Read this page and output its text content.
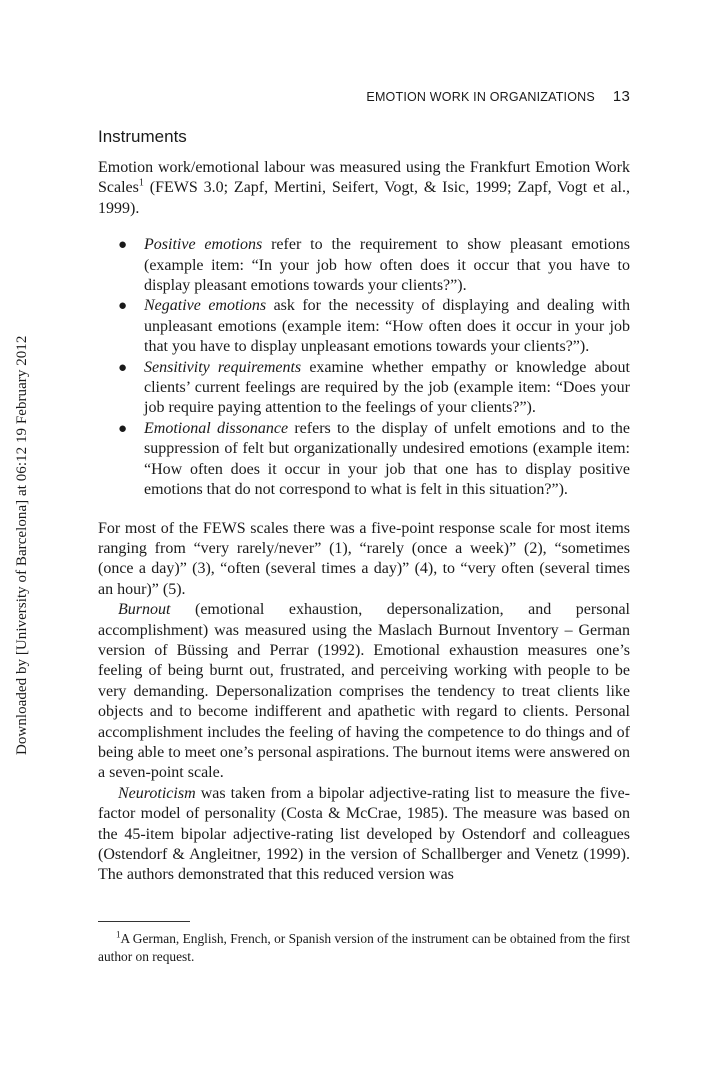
Downloaded by [University of Barcelona] at 06:12 19 February 2012
EMOTION WORK IN ORGANIZATIONS 13
Instruments

Emotion work/emotional labour was measured using the Frankfurt Emotion Work Scales$^1$ (FEWS 3.0; Zapf, Mertini, Seifert, Vogt, & Isic, 1999; Zapf, Vogt et al., 1999).

● Positive emotions refer to the requirement to show pleasant emotions (example item: “In your job how often does it occur that you have to display pleasant emotions towards your clients?”).
● Negative emotions ask for the necessity of displaying and dealing with unpleasant emotions (example item: “How often does it occur in your job that you have to display unpleasant emotions towards your clients?”).
● Sensitivity requirements examine whether empathy or knowledge about clients’ current feelings are required by the job (example item: “Does your job require paying attention to the feelings of your clients?”).
● Emotional dissonance refers to the display of unfelt emotions and to the suppression of felt but organizationally undesired emotions (example item: “How often does it occur in your job that one has to display positive emotions that do not correspond to what is felt in this situation?”).

For most of the FEWS scales there was a five-point response scale for most items ranging from “very rarely/never” (1), “rarely (once a week)” (2), “sometimes (once a day)” (3), “often (several times a day)” (4), to “very often (several times an hour)” (5).

Burnout (emotional exhaustion, depersonalization, and personal accomplishment) was measured using the Maslach Burnout Inventory – German version of Büssing and Perrar (1992). Emotional exhaustion measures one’s feeling of being burnt out, frustrated, and perceiving working with people to be very demanding. Depersonalization comprises the tendency to treat clients like objects and to become indifferent and apathetic with regard to clients. Personal accomplishment includes the feeling of having the competence to do things and of being able to meet one’s personal aspirations. The burnout items were answered on a seven-point scale.

Neuroticism was taken from a bipolar adjective-rating list to measure the five-factor model of personality (Costa & McCrae, 1985). The measure was based on the 45-item bipolar adjective-rating list developed by Ostendorf and colleagues (Ostendorf & Angleitner, 1992) in the version of Schallberger and Venetz (1999). The authors demonstrated that this reduced version was

$^1$A German, English, French, or Spanish version of the instrument can be obtained from the first author on request.
